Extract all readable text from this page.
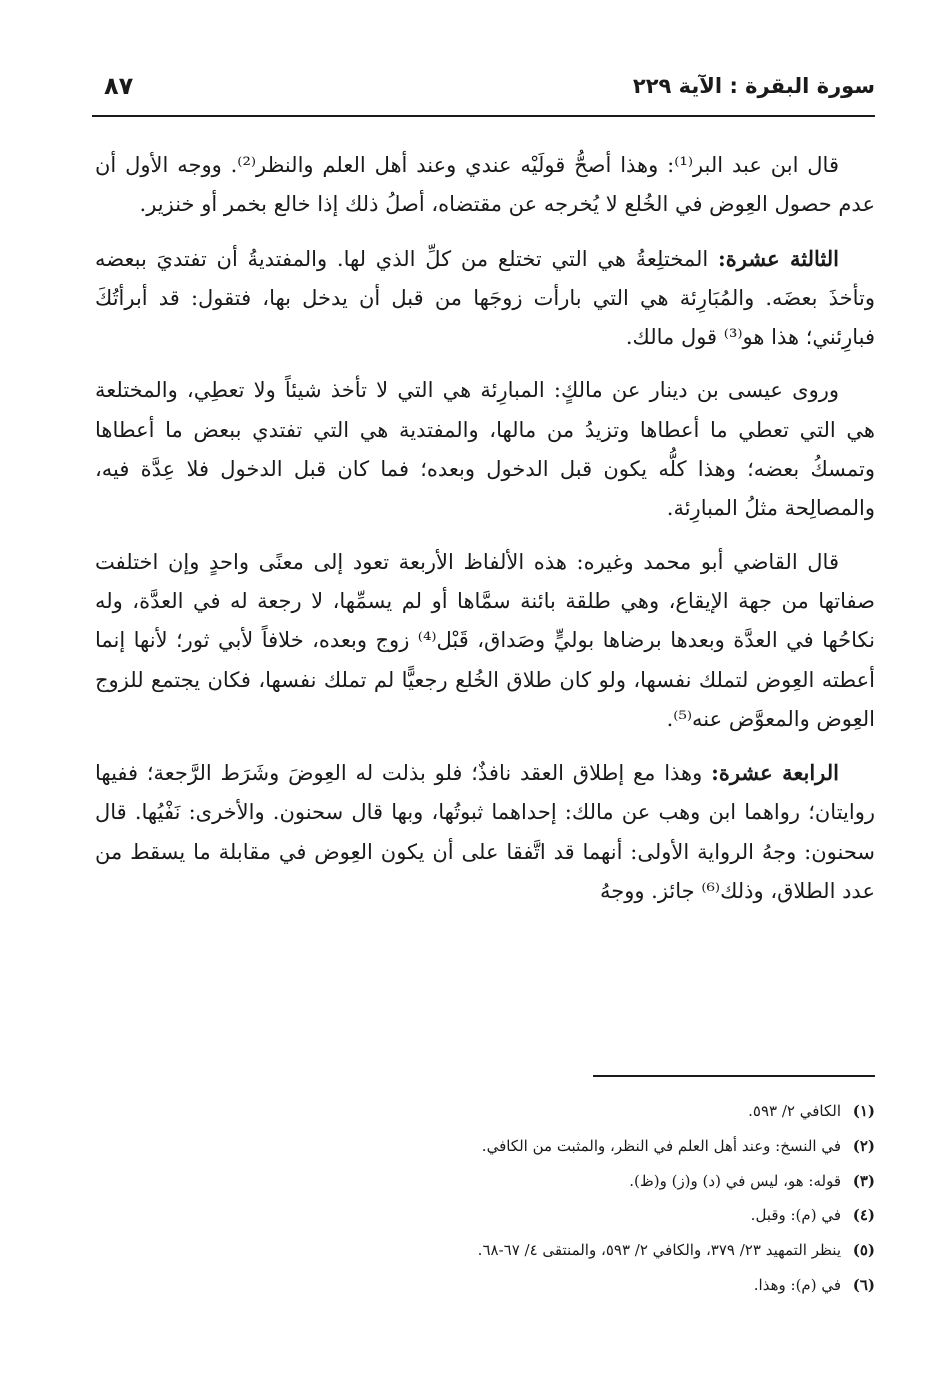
سورة البقرة : الآية ٢٢٩
٨٧

قال ابن عبد البر⁽¹⁾: وهذا أصحُّ قولَيْه عندي وعند أهل العلم والنظر⁽²⁾. ووجه الأول أن عدم حصول العِوض في الخُلع لا يُخرجه عن مقتضاه، أصلُ ذلك إذا خالع بخمر أو خنزير.

الثالثة عشرة: المختلِعةُ هي التي تختلع من كلِّ الذي لها. والمفتديةُ أن تفتديَ ببعضه وتأخذَ بعضَه. والمُبَارِئة هي التي بارأت زوجَها من قبل أن يدخل بها، فتقول: قد أبرأتُكَ فبارِئني؛ هذا هو⁽³⁾ قول مالك.

وروى عيسى بن دينار عن مالكٍ: المبارِئة هي التي لا تأخذ شيئاً ولا تعطِي، والمختلعة هي التي تعطي ما أعطاها وتزيدُ من مالها، والمفتدية هي التي تفتدي ببعض ما أعطاها وتمسكُ بعضه؛ وهذا كلُّه يكون قبل الدخول وبعده؛ فما كان قبل الدخول فلا عِدَّة فيه، والمصالِحة مثلُ المبارِئة.

قال القاضي أبو محمد وغيره: هذه الألفاظ الأربعة تعود إلى معنًى واحدٍ وإن اختلفت صفاتها من جهة الإيقاع، وهي طلقة بائنة سمَّاها أو لم يسمِّها، لا رجعة له في العدَّة، وله نكاحُها في العدَّة وبعدها برضاها بوليٍّ وصَداق، قَبْل⁽⁴⁾ زوج وبعده، خلافاً لأبي ثور؛ لأنها إنما أعطته العِوض لتملك نفسها، ولو كان طلاق الخُلع رجعيًّا لم تملك نفسها، فكان يجتمع للزوج العِوض والمعوَّض عنه⁽⁵⁾.

الرابعة عشرة: وهذا مع إطلاق العقد نافذٌ؛ فلو بذلت له العِوضَ وشَرَط الرَّجعة؛ ففيها روايتان؛ رواهما ابن وهب عن مالك: إحداهما ثبوتُها، وبها قال سحنون. والأخرى: نَفْيُها. قال سحنون: وجهُ الرواية الأولى: أنهما قد اتَّفقا على أن يكون العِوض في مقابلة ما يسقط من عدد الطلاق، وذلك⁽⁶⁾ جائز. ووجهُ

(١)الكافي ٢/ ٥٩٣.
(٢)في النسخ: وعند أهل العلم في النظر، والمثبت من الكافي.
(٣)قوله: هو، ليس في (د) و(ز) و(ظ).
(٤)في (م): وقبل.
(٥)ينظر التمهيد ٢٣/ ٣٧٩، والكافي ٢/ ٥٩٣، والمنتقى ٤/ ٦٧-٦٨.
(٦)في (م): وهذا.
